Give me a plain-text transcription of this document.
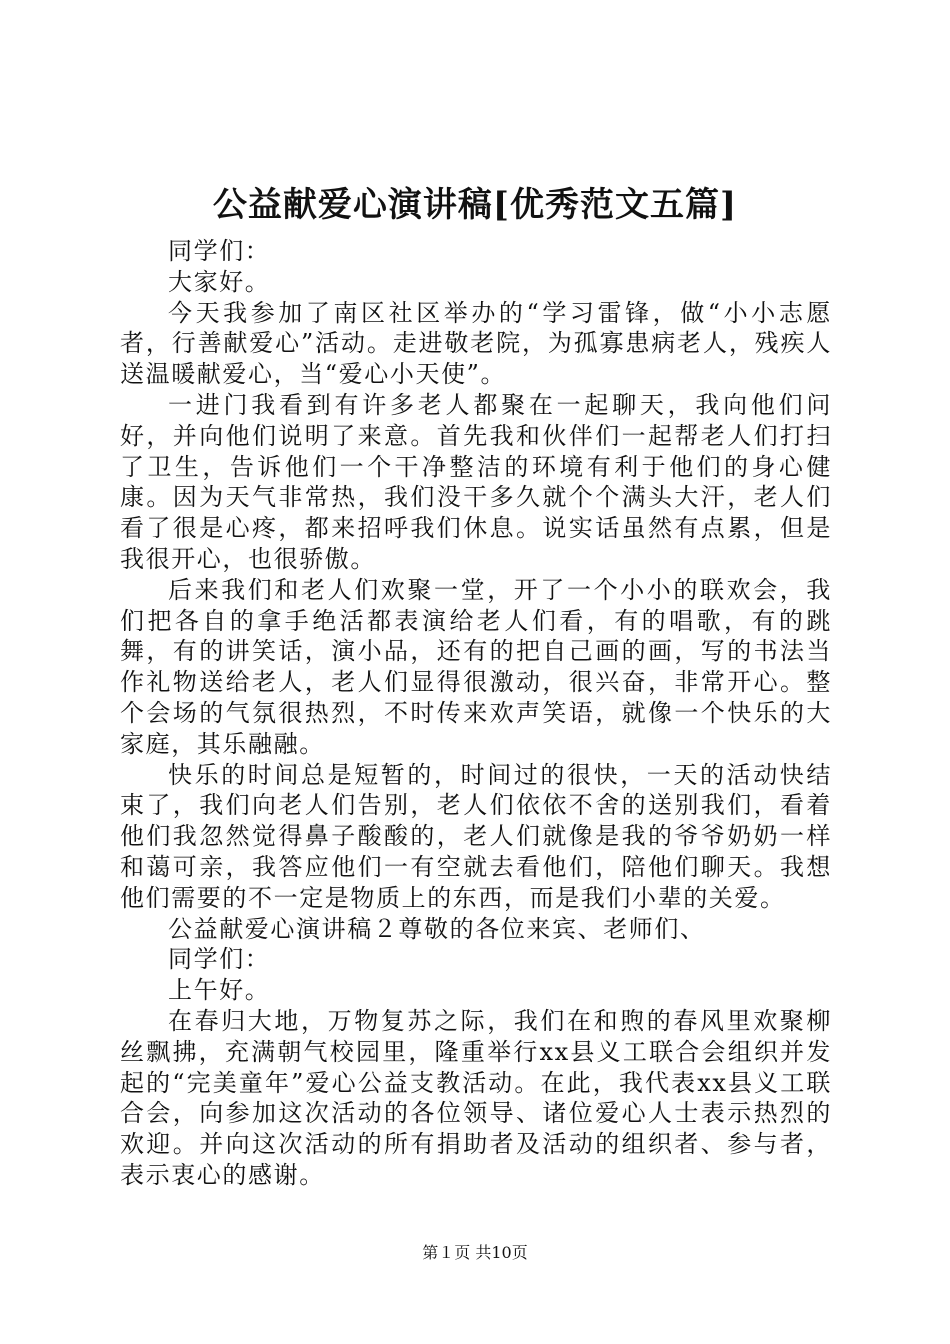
公益献爱心演讲稿[优秀范文五篇]

同学们：

大家好。

今天我参加了南区社区举办的“学习雷锋，做“小小志愿者，行善献爱心”活动。走进敬老院，为孤寡患病老人，残疾人送温暖献爱心，当“爱心小天使”。

一进门我看到有许多老人都聚在一起聊天，我向他们问好，并向他们说明了来意。首先我和伙伴们一起帮老人们打扫了卫生，告诉他们一个干净整洁的环境有利于他们的身心健康。因为天气非常热，我们没干多久就个个满头大汗，老人们看了很是心疼，都来招呼我们休息。说实话虽然有点累，但是我很开心，也很骄傲。

后来我们和老人们欢聚一堂，开了一个小小的联欢会，我们把各自的拿手绝活都表演给老人们看，有的唱歌，有的跳舞，有的讲笑话，演小品，还有的把自己画的画，写的书法当作礼物送给老人，老人们显得很激动，很兴奋，非常开心。整个会场的气氛很热烈，不时传来欢声笑语，就像一个快乐的大家庭，其乐融融。

快乐的时间总是短暂的，时间过的很快，一天的活动快结束了，我们向老人们告别，老人们依依不舍的送别我们，看着他们我忽然觉得鼻子酸酸的，老人们就像是我的爷爷奶奶一样和蔼可亲，我答应他们一有空就去看他们，陪他们聊天。我想他们需要的不一定是物质上的东西，而是我们小辈的关爱。

公益献爱心演讲稿２尊敬的各位来宾、老师们、

同学们：

上午好。

在春归大地，万物复苏之际，我们在和煦的春风里欢聚柳丝飘拂，充满朝气校园里，隆重举行xx县义工联合会组织并发起的“完美童年”爱心公益支教活动。在此，我代表xx县义工联合会，向参加这次活动的各位领导、诸位爱心人士表示热烈的欢迎。并向这次活动的所有捐助者及活动的组织者、参与者，表示衷心的感谢。

第１页 共10页
